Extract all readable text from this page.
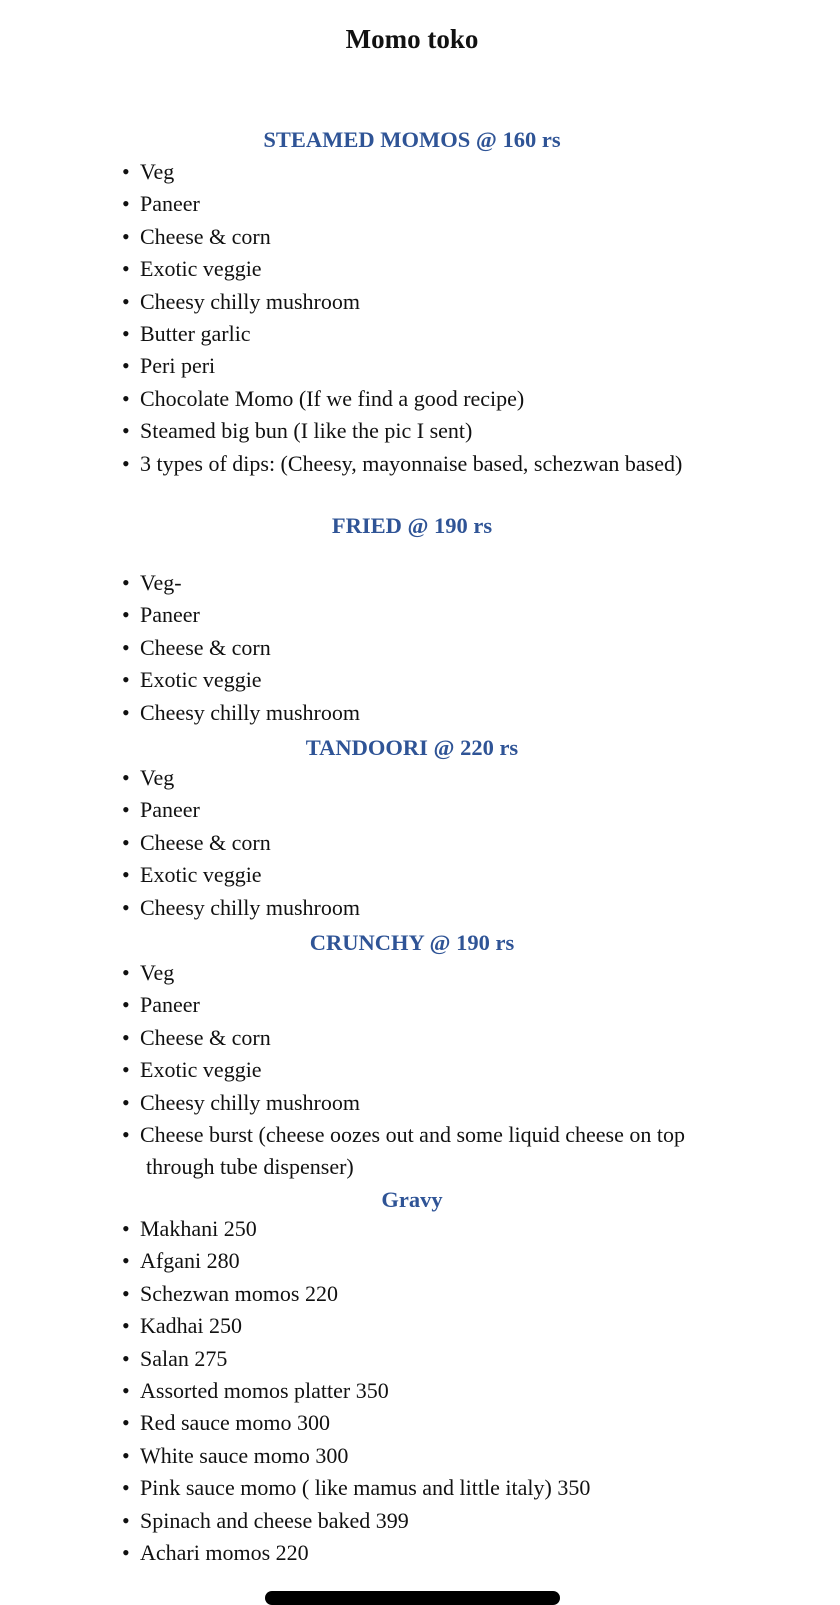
Momo toko
STEAMED MOMOS @ 160 rs
• Veg
• Paneer
• Cheese & corn
• Exotic veggie
• Cheesy chilly mushroom
• Butter garlic
• Peri peri
• Chocolate Momo (If we find a good recipe)
• Steamed big bun (I like the pic I sent)
• 3 types of dips: (Cheesy, mayonnaise based, schezwan based)
FRIED @ 190 rs
• Veg-
• Paneer
• Cheese & corn
• Exotic veggie
• Cheesy chilly mushroom
TANDOORI @ 220 rs
• Veg
• Paneer
• Cheese & corn
• Exotic veggie
• Cheesy chilly mushroom
CRUNCHY @ 190 rs
• Veg
• Paneer
• Cheese & corn
• Exotic veggie
• Cheesy chilly mushroom
• Cheese burst (cheese oozes out and some liquid cheese on top through tube dispenser)
Gravy
• Makhani 250
• Afgani 280
• Schezwan momos 220
• Kadhai 250
• Salan 275
• Assorted momos platter 350
• Red sauce momo 300
• White sauce momo 300
• Pink sauce momo ( like mamus and little italy) 350
• Spinach and cheese baked 399
• Achari momos 220
